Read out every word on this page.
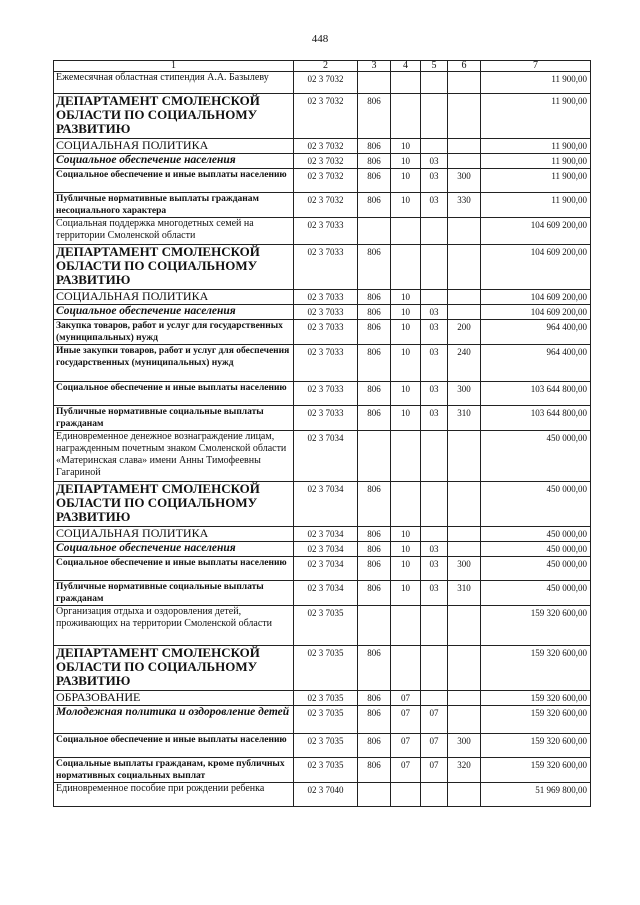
448
1	2	3	4	5	6	7
Ежемесячная областная стипендия А.А. Базылеву	02 3 7032					11 900,00
ДЕПАРТАМЕНТ СМОЛЕНСКОЙ ОБЛАСТИ ПО СОЦИАЛЬНОМУ РАЗВИТИЮ	02 3 7032	806				11 900,00
СОЦИАЛЬНАЯ ПОЛИТИКА	02 3 7032	806	10			11 900,00
Социальное обеспечение населения	02 3 7032	806	10	03		11 900,00
Социальное обеспечение и иные выплаты населению	02 3 7032	806	10	03	300	11 900,00
Публичные нормативные выплаты гражданам несоциального характера	02 3 7032	806	10	03	330	11 900,00
Социальная поддержка многодетных семей на территории Смоленской области	02 3 7033					104 609 200,00
ДЕПАРТАМЕНТ СМОЛЕНСКОЙ ОБЛАСТИ ПО СОЦИАЛЬНОМУ РАЗВИТИЮ	02 3 7033	806				104 609 200,00
СОЦИАЛЬНАЯ ПОЛИТИКА	02 3 7033	806	10			104 609 200,00
Социальное обеспечение населения	02 3 7033	806	10	03		104 609 200,00
Закупка товаров, работ и услуг для государственных (муниципальных) нужд	02 3 7033	806	10	03	200	964 400,00
Иные закупки товаров, работ и услуг для обеспечения государственных (муниципальных) нужд	02 3 7033	806	10	03	240	964 400,00
Социальное обеспечение и иные выплаты населению	02 3 7033	806	10	03	300	103 644 800,00
Публичные нормативные социальные выплаты гражданам	02 3 7033	806	10	03	310	103 644 800,00
Единовременное денежное вознаграждение лицам, награжденным почетным знаком Смоленской области «Материнская слава» имени Анны Тимофеевны Гагариной	02 3 7034					450 000,00
ДЕПАРТАМЕНТ СМОЛЕНСКОЙ ОБЛАСТИ ПО СОЦИАЛЬНОМУ РАЗВИТИЮ	02 3 7034	806				450 000,00
СОЦИАЛЬНАЯ ПОЛИТИКА	02 3 7034	806	10			450 000,00
Социальное обеспечение населения	02 3 7034	806	10	03		450 000,00
Социальное обеспечение и иные выплаты населению	02 3 7034	806	10	03	300	450 000,00
Публичные нормативные социальные выплаты гражданам	02 3 7034	806	10	03	310	450 000,00
Организация отдыха и оздоровления детей, проживающих на территории Смоленской области	02 3 7035					159 320 600,00
ДЕПАРТАМЕНТ СМОЛЕНСКОЙ ОБЛАСТИ ПО СОЦИАЛЬНОМУ РАЗВИТИЮ	02 3 7035	806				159 320 600,00
ОБРАЗОВАНИЕ	02 3 7035	806	07			159 320 600,00
Молодежная политика и оздоровление детей	02 3 7035	806	07	07		159 320 600,00
Социальное обеспечение и иные выплаты населению	02 3 7035	806	07	07	300	159 320 600,00
Социальные выплаты гражданам, кроме публичных нормативных социальных выплат	02 3 7035	806	07	07	320	159 320 600,00
Единовременное пособие при рождении ребенка	02 3 7040					51 969 800,00
